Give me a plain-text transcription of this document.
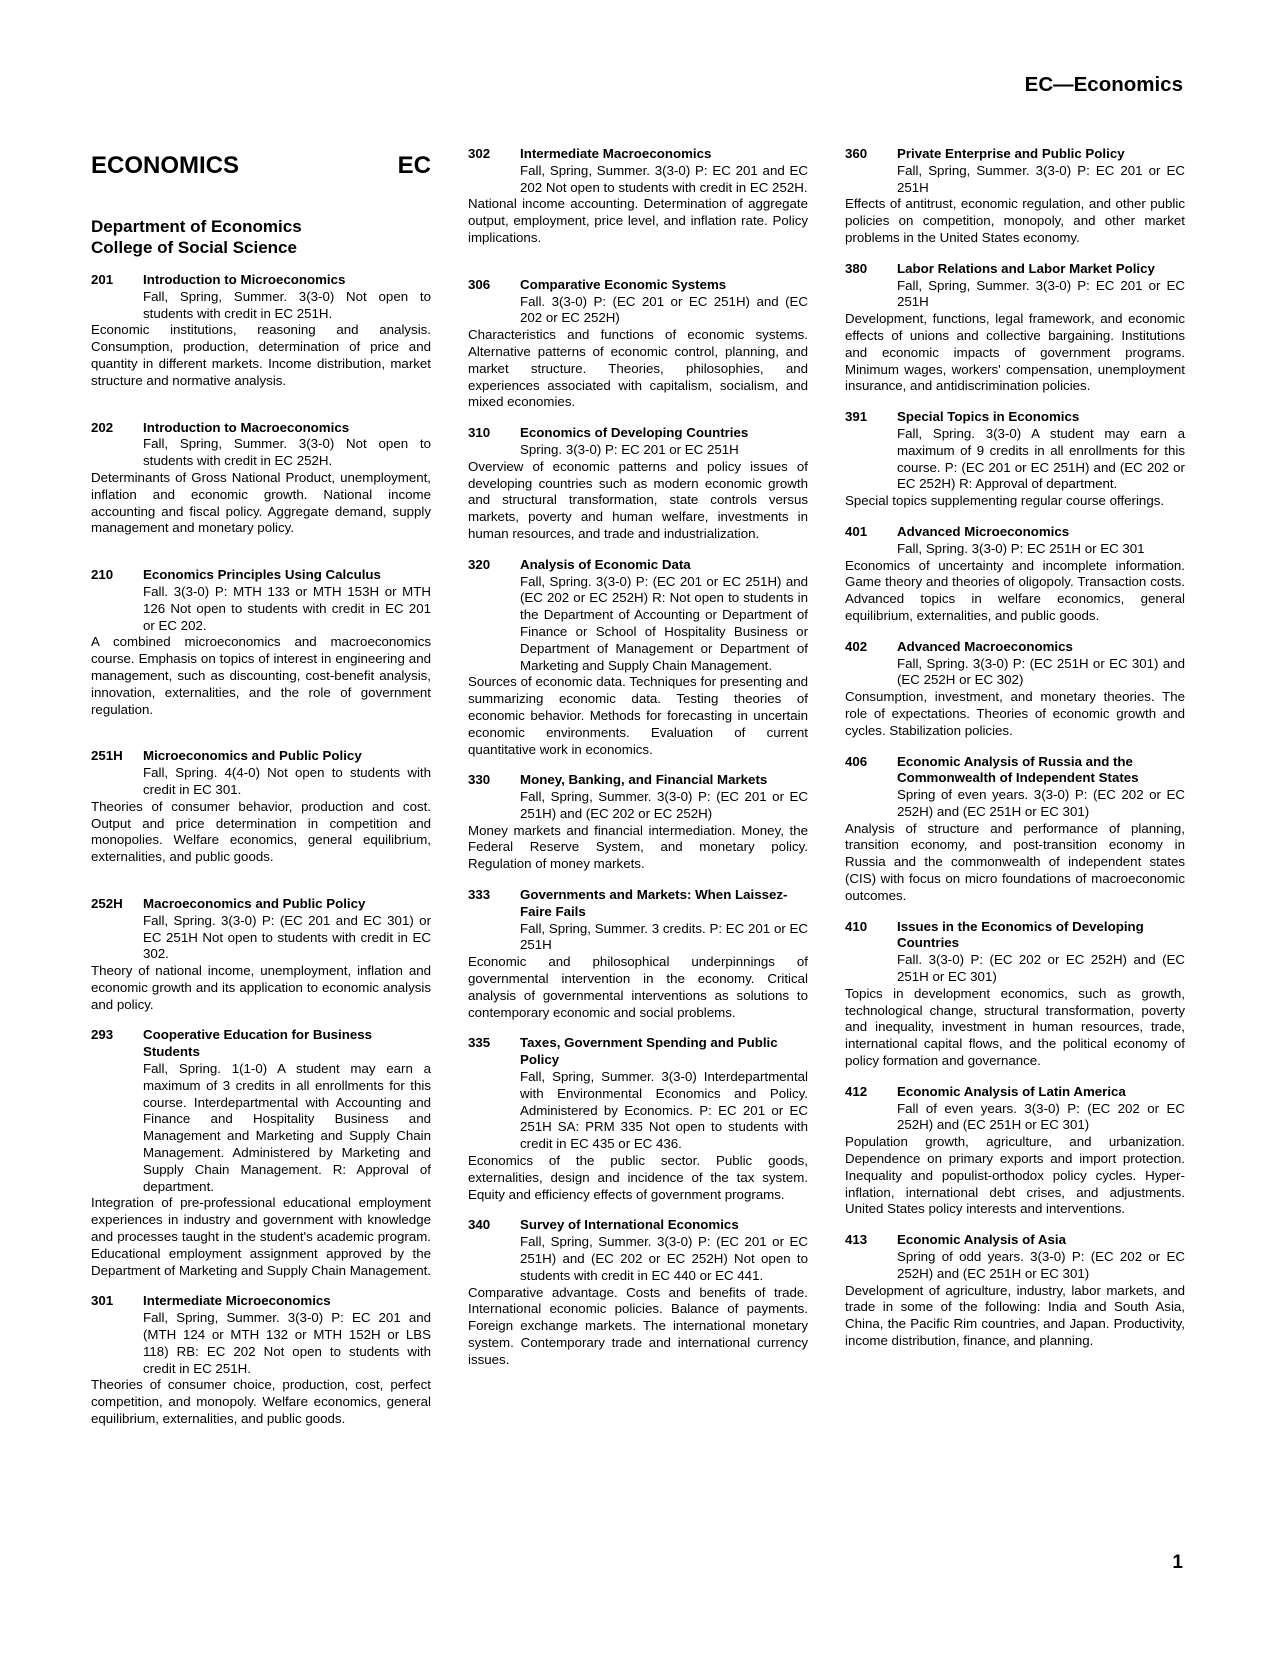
EC—Economics
ECONOMICS	EC
Department of Economics
College of Social Science
201	Introduction to Microeconomics
Fall, Spring, Summer. 3(3-0) Not open to students with credit in EC 251H.
Economic institutions, reasoning and analysis. Consumption, production, determination of price and quantity in different markets. Income distribution, market structure and normative analysis.
202	Introduction to Macroeconomics
Fall, Spring, Summer. 3(3-0) Not open to students with credit in EC 252H.
Determinants of Gross National Product, unemployment, inflation and economic growth. National income accounting and fiscal policy. Aggregate demand, supply management and monetary policy.
210	Economics Principles Using Calculus
Fall. 3(3-0) P: MTH 133 or MTH 153H or MTH 126 Not open to students with credit in EC 201 or EC 202.
A combined microeconomics and macroeconomics course. Emphasis on topics of interest in engineering and management, such as discounting, cost-benefit analysis, innovation, externalities, and the role of government regulation.
251H	Microeconomics and Public Policy
Fall, Spring. 4(4-0) Not open to students with credit in EC 301.
Theories of consumer behavior, production and cost. Output and price determination in competition and monopolies. Welfare economics, general equilibrium, externalities, and public goods.
252H	Macroeconomics and Public Policy
Fall, Spring. 3(3-0) P: (EC 201 and EC 301) or EC 251H Not open to students with credit in EC 302.
Theory of national income, unemployment, inflation and economic growth and its application to economic analysis and policy.
293	Cooperative Education for Business Students
Fall, Spring. 1(1-0) A student may earn a maximum of 3 credits in all enrollments for this course. Interdepartmental with Accounting and Finance and Hospitality Business and Management and Marketing and Supply Chain Management. Administered by Marketing and Supply Chain Management. R: Approval of department.
Integration of pre-professional educational employment experiences in industry and government with knowledge and processes taught in the student's academic program. Educational employment assignment approved by the Department of Marketing and Supply Chain Management.
301	Intermediate Microeconomics
Fall, Spring, Summer. 3(3-0) P: EC 201 and (MTH 124 or MTH 132 or MTH 152H or LBS 118) RB: EC 202 Not open to students with credit in EC 251H.
Theories of consumer choice, production, cost, perfect competition, and monopoly. Welfare economics, general equilibrium, externalities, and public goods.
302	Intermediate Macroeconomics
Fall, Spring, Summer. 3(3-0) P: EC 201 and EC 202 Not open to students with credit in EC 252H.
National income accounting. Determination of aggregate output, employment, price level, and inflation rate. Policy implications.
306	Comparative Economic Systems
Fall. 3(3-0) P: (EC 201 or EC 251H) and (EC 202 or EC 252H)
Characteristics and functions of economic systems. Alternative patterns of economic control, planning, and market structure. Theories, philosophies, and experiences associated with capitalism, socialism, and mixed economies.
310	Economics of Developing Countries
Spring. 3(3-0) P: EC 201 or EC 251H
Overview of economic patterns and policy issues of developing countries such as modern economic growth and structural transformation, state controls versus markets, poverty and human welfare, investments in human resources, and trade and industrialization.
320	Analysis of Economic Data
Fall, Spring. 3(3-0) P: (EC 201 or EC 251H) and (EC 202 or EC 252H) R: Not open to students in the Department of Accounting or Department of Finance or School of Hospitality Business or Department of Management or Department of Marketing and Supply Chain Management.
Sources of economic data. Techniques for presenting and summarizing economic data. Testing theories of economic behavior. Methods for forecasting in uncertain economic environments. Evaluation of current quantitative work in economics.
330	Money, Banking, and Financial Markets
Fall, Spring, Summer. 3(3-0) P: (EC 201 or EC 251H) and (EC 202 or EC 252H)
Money markets and financial intermediation. Money, the Federal Reserve System, and monetary policy. Regulation of money markets.
333	Governments and Markets: When Laissez-Faire Fails
Fall, Spring, Summer. 3 credits. P: EC 201 or EC 251H
Economic and philosophical underpinnings of governmental intervention in the economy. Critical analysis of governmental interventions as solutions to contemporary economic and social problems.
335	Taxes, Government Spending and Public Policy
Fall, Spring, Summer. 3(3-0) Interdepartmental with Environmental Economics and Policy. Administered by Economics. P: EC 201 or EC 251H SA: PRM 335 Not open to students with credit in EC 435 or EC 436.
Economics of the public sector. Public goods, externalities, design and incidence of the tax system. Equity and efficiency effects of government programs.
340	Survey of International Economics
Fall, Spring, Summer. 3(3-0) P: (EC 201 or EC 251H) and (EC 202 or EC 252H) Not open to students with credit in EC 440 or EC 441.
Comparative advantage. Costs and benefits of trade. International economic policies. Balance of payments. Foreign exchange markets. The international monetary system. Contemporary trade and international currency issues.
360	Private Enterprise and Public Policy
Fall, Spring, Summer. 3(3-0) P: EC 201 or EC 251H
Effects of antitrust, economic regulation, and other public policies on competition, monopoly, and other market problems in the United States economy.
380	Labor Relations and Labor Market Policy
Fall, Spring, Summer. 3(3-0) P: EC 201 or EC 251H
Development, functions, legal framework, and economic effects of unions and collective bargaining. Institutions and economic impacts of government programs. Minimum wages, workers' compensation, unemployment insurance, and antidiscrimination policies.
391	Special Topics in Economics
Fall, Spring. 3(3-0) A student may earn a maximum of 9 credits in all enrollments for this course. P: (EC 201 or EC 251H) and (EC 202 or EC 252H) R: Approval of department.
Special topics supplementing regular course offerings.
401	Advanced Microeconomics
Fall, Spring. 3(3-0) P: EC 251H or EC 301
Economics of uncertainty and incomplete information. Game theory and theories of oligopoly. Transaction costs. Advanced topics in welfare economics, general equilibrium, externalities, and public goods.
402	Advanced Macroeconomics
Fall, Spring. 3(3-0) P: (EC 251H or EC 301) and (EC 252H or EC 302)
Consumption, investment, and monetary theories. The role of expectations. Theories of economic growth and cycles. Stabilization policies.
406	Economic Analysis of Russia and the Commonwealth of Independent States
Spring of even years. 3(3-0) P: (EC 202 or EC 252H) and (EC 251H or EC 301)
Analysis of structure and performance of planning, transition economy, and post-transition economy in Russia and the commonwealth of independent states (CIS) with focus on micro foundations of macroeconomic outcomes.
410	Issues in the Economics of Developing Countries
Fall. 3(3-0) P: (EC 202 or EC 252H) and (EC 251H or EC 301)
Topics in development economics, such as growth, technological change, structural transformation, poverty and inequality, investment in human resources, trade, international capital flows, and the political economy of policy formation and governance.
412	Economic Analysis of Latin America
Fall of even years. 3(3-0) P: (EC 202 or EC 252H) and (EC 251H or EC 301)
Population growth, agriculture, and urbanization. Dependence on primary exports and import protection. Inequality and populist-orthodox policy cycles. Hyper-inflation, international debt crises, and adjustments. United States policy interests and interventions.
413	Economic Analysis of Asia
Spring of odd years. 3(3-0) P: (EC 202 or EC 252H) and (EC 251H or EC 301)
Development of agriculture, industry, labor markets, and trade in some of the following: India and South Asia, China, the Pacific Rim countries, and Japan. Productivity, income distribution, finance, and planning.
1
